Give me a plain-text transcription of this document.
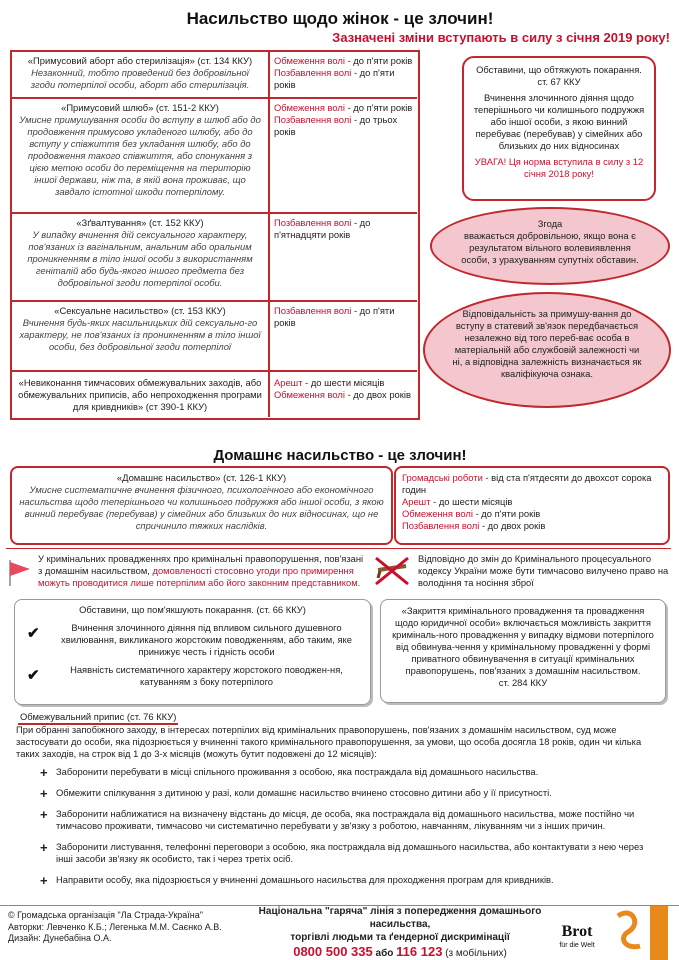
Насильство щодо жінок - це злочин!
Зазначені зміни вступають в силу з січня 2019 року!
«Примусовий аборт або стерилізація» (ст. 134 ККУ)
Незаконний, тобто проведений без добровільної згоди потерпілої особи, аборт або стерилізація.
Обмеження волі - до п'яти років
Позбавлення волі - до п'яти років
«Примусовий шлюб» (ст. 151-2 ККУ)
Умисне примушування особи до вступу в шлюб або до продовження примусово укладеного шлюбу, або до вступу у співжиття без укладання шлюбу, або до продовження такого співжиття, або спонукання з цією метою особи до переміщення на територію іншої держави, ніж та, в якій вона проживає, що завдало істотної шкоди потерпілому.
Обмеження волі - до п'яти років
Позбавлення волі - до трьох років
«Зґвалтування» (ст. 152 ККУ)
У випадку вчинення дій сексуального характеру, пов'язаних із вагінальним, анальним або оральним проникненням в тіло іншої особи з використанням геніталій або будь-якого іншого предмета без добровільної згоди потерпілої особи.
Позбавлення волі - до п'ятнадцяти років
«Сексуальне насильство» (ст. 153 ККУ)
Вчинення будь-яких насильницьких дій сексуально-го характеру, не пов'язаних із проникненням в тіло іншої особи, без добровільної згоди потерпілої
Позбавлення волі - до п'яти років
«Невиконання тимчасових обмежувальних заходів, або обмежувальних приписів, або непроходження програми для кривдників» (ст 390-1 ККУ)
Арешт - до шести місяців
Обмеження волі - до двох років
Обставини, що обтяжують покарання. ст. 67 ККУ
Вчинення злочинного діяння щодо теперішнього чи колишнього подружжя або іншої особи, з якою винний перебуває (перебував) у сімейних або близьких до них відносинах
УВАГА! Ця норма вступила в силу з 12 січня 2018 року!
Згода
вважається добровільною, якщо вона є результатом вільного волевиявлення особи, з урахуванням супутніх обставин.
Відповідальність за примушу-вання до вступу в статевий зв'язок передбачається незалежно від того переб-ває особа в матеріальній або службовій залежності чи ні, а відповідна залежність визначається як кваліфікуюча ознака.
Домашнє насильство - це злочин!
«Домашнє насильство» (ст. 126-1 ККУ)
Умисне систематичне вчинення фізичного, психологічного або економічного насильства щодо теперішнього чи колишнього подружжя або іншої особи, з якою винний перебуває (перебував) у сімейних або близьких до них відносинах, що не спричинило тяжких наслідків.
Громадські роботи - від ста п'ятдесяти до двохсот сорока годин
Арешт - до шести місяців
Обмеження волі - до п'яти років
Позбавлення волі - до двох років
У кримінальних провадженнях про кримінальні правопорушення, пов'язані з домашнім насильством, домовленості стосовно угоди про примирення можуть проводитися лише потерпілим або його законним представником.
Відповідно до змін до Кримінального процесуального кодексу України може бути тимчасово вилучено право на володіння та носіння зброї
Обставини, що пом'якшують покарання. (ст. 66 ККУ)
✔	Вчинення злочинного діяння під впливом сильного душевного хвилювання, викликаного жорстоким поводженням, або таким, яке принижує честь і гідність особи
✔	Наявність систематичного характеру жорстокого поводжен-ня, катуванням з боку потерпілого
«Закриття кримінального провадження та провадження щодо юридичної особи» включається можливість закриття криміналь-ного провадження у випадку відмови потерпілого від обвинува-чення у кримінальному провадженні у формі приватного обвинувачення в ситуації кримінальних правопорушень, пов'язаних з домашнім насильством.
ст. 284 ККУ
Обмежувальний припис (ст. 76 ККУ)
При обранні запобіжного заходу, в інтересах потерпілих від кримінальних правопорушень, пов'язаних з домашнім насильством, суд може застосувати до особи, яка підозрюється у вчиненні такого кримінального правопорушення, за умови, що особа досягла 18 років, один чи кілька таких заходів, на строк від 1 до 3-х місяців (можуть бутит подовжені до 12 місяців):
+ Заборонити перебувати в місці спільного проживання з особою, яка постраждала від домашнього насильства.
+ Обмежити спілкування з дитиною у разі, коли домашнє насильство вчинено стосовно дитини або у її присутності.
+ Заборонити наближатися на визначену відстань до місця, де особа, яка постраждала від домашнього насильства, може постійно чи тимчасово проживати, тимчасово чи систематично перебувати у зв'язку з роботою, навчанням, лікуванням чи з інших причин.
+ Заборонити листування, телефонні переговори з особою, яка постраждала від домашнього насильства, або контактувати з нею через інші засоби зв'язку як особисто, так і через третіх осіб.
+ Направити особу, яка підозрюється у вчиненні домашнього насильства для проходження програм для кривдників.
© Громадська організація "Ла Страда-Україна"
Авторки: Левченко К.Б.; Легенька М.М. Саєнко А.В.
Дизайн: Дунебабіна О.А.
Національна "гаряча" лінія з попередження домашнього насильства,
торгівлі людьми та ґендерної дискримінації
0800 500 335 або 116 123 (з мобільних)
Brot
für die Welt
